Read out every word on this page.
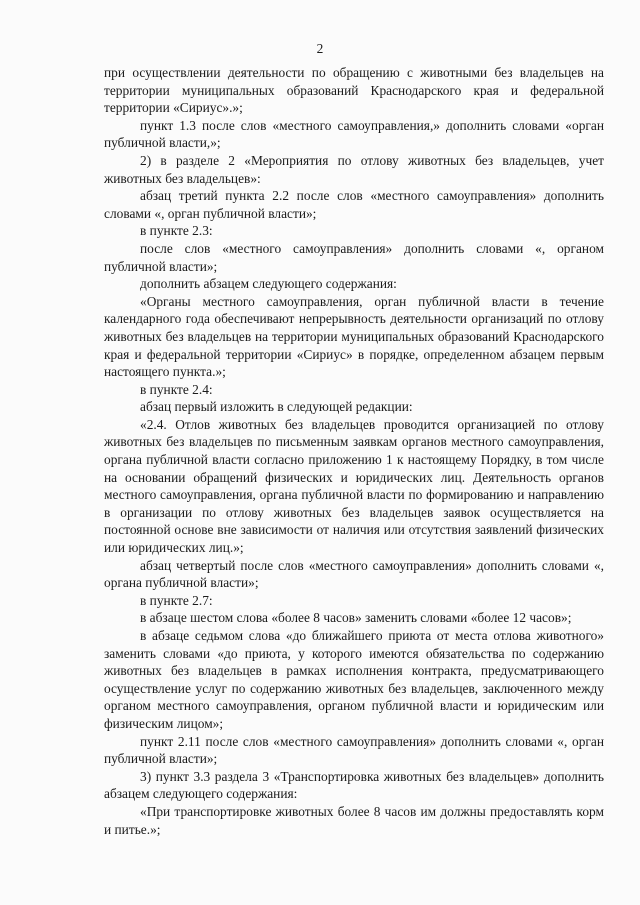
2

при осуществлении деятельности по обращению с животными без владельцев на территории муниципальных образований Краснодарского края и федеральной территории «Сириус».»;

пункт 1.3 после слов «местного самоуправления,» дополнить словами «орган публичной власти,»;

2) в разделе 2 «Мероприятия по отлову животных без владельцев, учет животных без владельцев»:

абзац третий пункта 2.2 после слов «местного самоуправления» дополнить словами «, орган публичной власти»;

в пункте 2.3:

после слов «местного самоуправления» дополнить словами «, органом публичной власти»;

дополнить абзацем следующего содержания:

«Органы местного самоуправления, орган публичной власти в течение календарного года обеспечивают непрерывность деятельности организаций по отлову животных без владельцев на территории муниципальных образований Краснодарского края и федеральной территории «Сириус» в порядке, определенном абзацем первым настоящего пункта.»;

в пункте 2.4:

абзац первый изложить в следующей редакции:

«2.4. Отлов животных без владельцев проводится организацией по отлову животных без владельцев по письменным заявкам органов местного самоуправления, органа публичной власти согласно приложению 1 к настоящему Порядку, в том числе на основании обращений физических и юридических лиц. Деятельность органов местного самоуправления, органа публичной власти по формированию и направлению в организации по отлову животных без владельцев заявок осуществляется на постоянной основе вне зависимости от наличия или отсутствия заявлений физических или юридических лиц.»;

абзац четвертый после слов «местного самоуправления» дополнить словами «, органа публичной власти»;

в пункте 2.7:

в абзаце шестом слова «более 8 часов» заменить словами «более 12 часов»;

в абзаце седьмом слова «до ближайшего приюта от места отлова животного» заменить словами «до приюта, у которого имеются обязательства по содержанию животных без владельцев в рамках исполнения контракта, предусматривающего осуществление услуг по содержанию животных без владельцев, заключенного между органом местного самоуправления, органом публичной власти и юридическим или физическим лицом»;

пункт 2.11 после слов «местного самоуправления» дополнить словами «, орган публичной власти»;

3) пункт 3.3 раздела 3 «Транспортировка животных без владельцев» дополнить абзацем следующего содержания:

«При транспортировке животных более 8 часов им должны предоставлять корм и питье.»;
